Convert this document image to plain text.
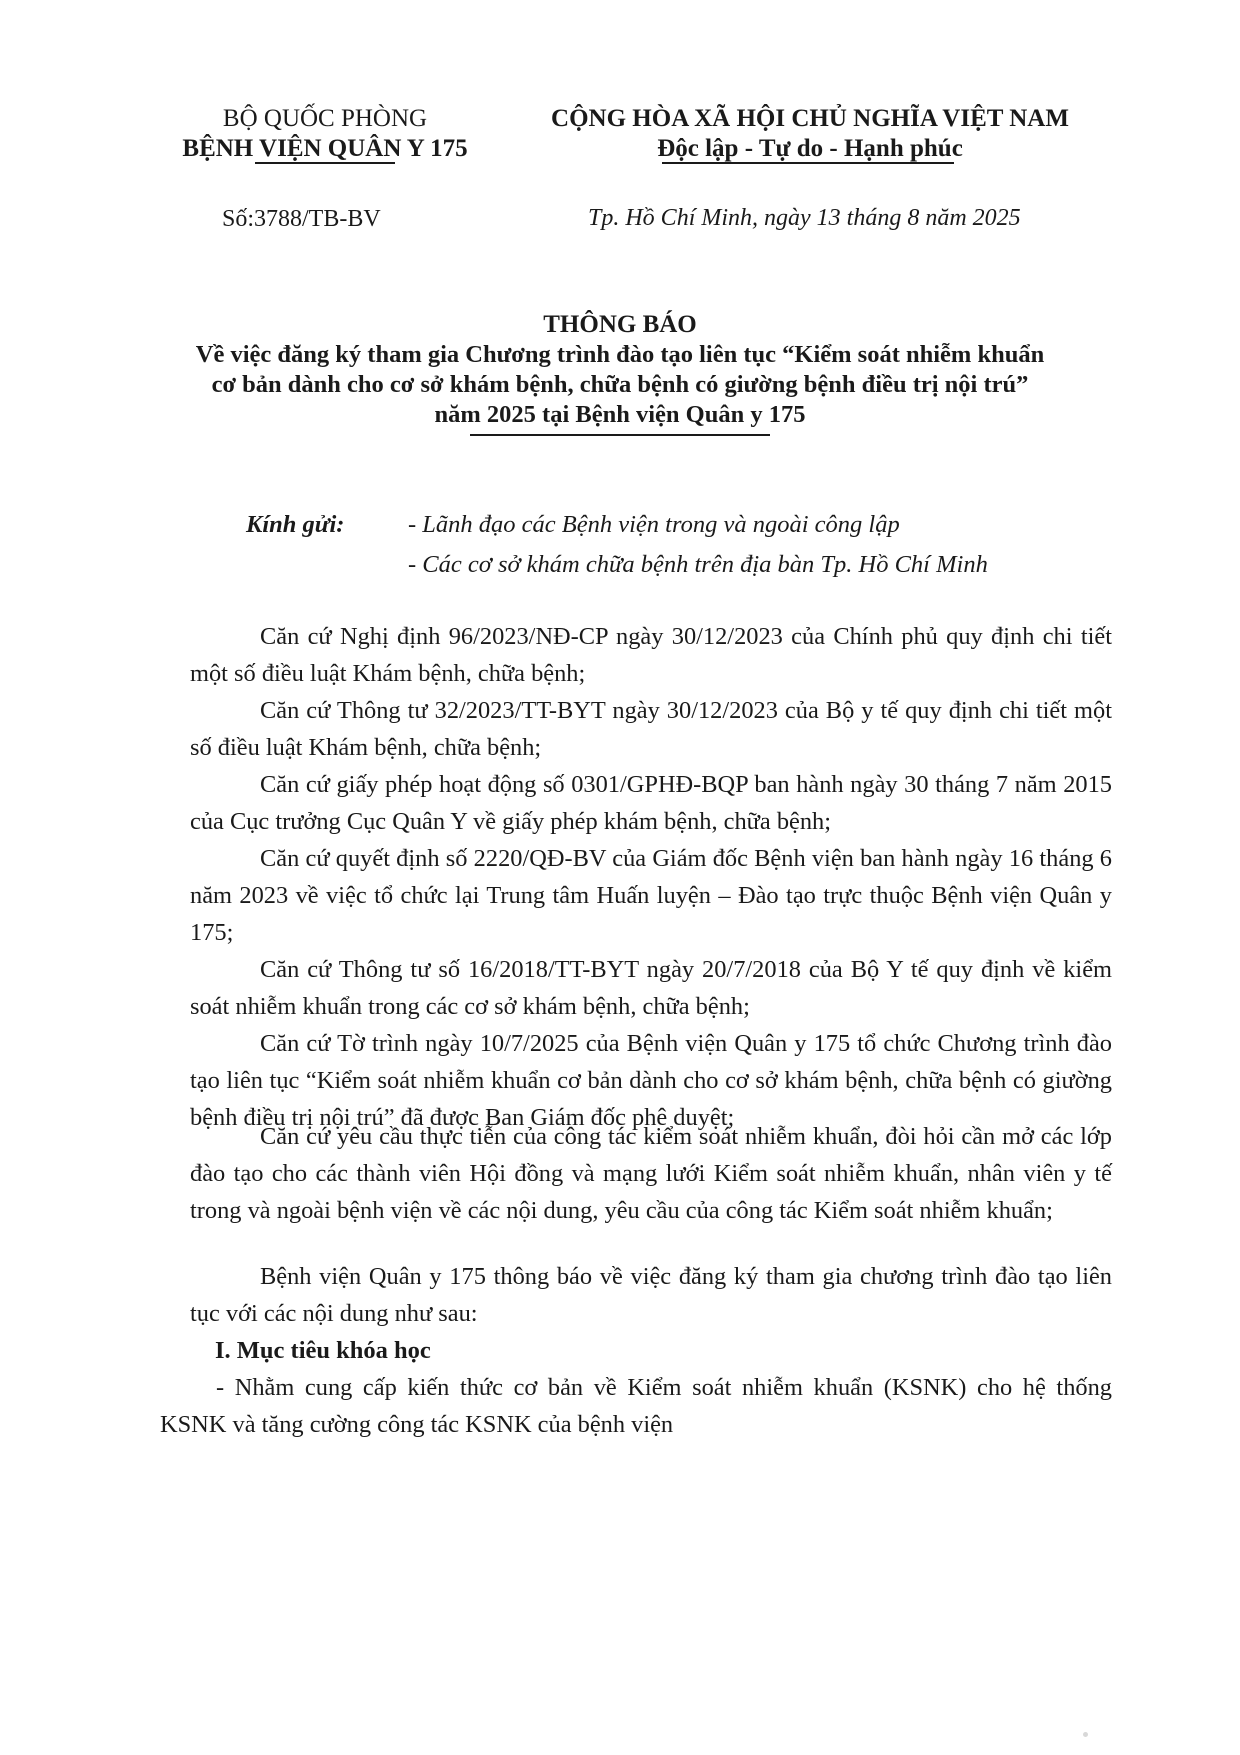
BỘ QUỐC PHÒNG
BỆNH VIỆN QUÂN Y 175
CỘNG HÒA XÃ HỘI CHỦ NGHĨA VIỆT NAM
Độc lập - Tự do - Hạnh phúc
Số:3788/TB-BV	Tp. Hồ Chí Minh, ngày 13 tháng 8 năm 2025
THÔNG BÁO
Về việc đăng ký tham gia Chương trình đào tạo liên tục “Kiểm soát nhiễm khuẩn
cơ bản dành cho cơ sở khám bệnh, chữa bệnh có giường bệnh điều trị nội trú”
năm 2025 tại Bệnh viện Quân y 175
Kính gửi:	- Lãnh đạo các Bệnh viện trong và ngoài công lập
- Các cơ sở khám chữa bệnh trên địa bàn Tp. Hồ Chí Minh
Căn cứ Nghị định 96/2023/NĐ-CP ngày 30/12/2023 của Chính phủ quy định chi tiết một số điều luật Khám bệnh, chữa bệnh;
Căn cứ Thông tư 32/2023/TT-BYT ngày 30/12/2023 của Bộ y tế quy định chi tiết một số điều luật Khám bệnh, chữa bệnh;
Căn cứ giấy phép hoạt động số 0301/GPHĐ-BQP ban hành ngày 30 tháng 7 năm 2015 của Cục trưởng Cục Quân Y về giấy phép khám bệnh, chữa bệnh;
Căn cứ quyết định số 2220/QĐ-BV của Giám đốc Bệnh viện ban hành ngày 16 tháng 6 năm 2023 về việc tổ chức lại Trung tâm Huấn luyện – Đào tạo trực thuộc Bệnh viện Quân y 175;
Căn cứ Thông tư số 16/2018/TT-BYT ngày 20/7/2018 của Bộ Y tế quy định về kiểm soát nhiễm khuẩn trong các cơ sở khám bệnh, chữa bệnh;
Căn cứ Tờ trình ngày 10/7/2025 của Bệnh viện Quân y 175 tổ chức Chương trình đào tạo liên tục “Kiểm soát nhiễm khuẩn cơ bản dành cho cơ sở khám bệnh, chữa bệnh có giường bệnh điều trị nội trú” đã được Ban Giám đốc phê duyệt;
Căn cứ yêu cầu thực tiễn của công tác kiểm soát nhiễm khuẩn, đòi hỏi cần mở các lớp đào tạo cho các thành viên Hội đồng và mạng lưới Kiểm soát nhiễm khuẩn, nhân viên y tế trong và ngoài bệnh viện về các nội dung, yêu cầu của công tác Kiểm soát nhiễm khuẩn;
Bệnh viện Quân y 175 thông báo về việc đăng ký tham gia chương trình đào tạo liên tục với các nội dung như sau:
I. Mục tiêu khóa học
- Nhằm cung cấp kiến thức cơ bản về Kiểm soát nhiễm khuẩn (KSNK) cho hệ thống KSNK và tăng cường công tác KSNK của bệnh viện
